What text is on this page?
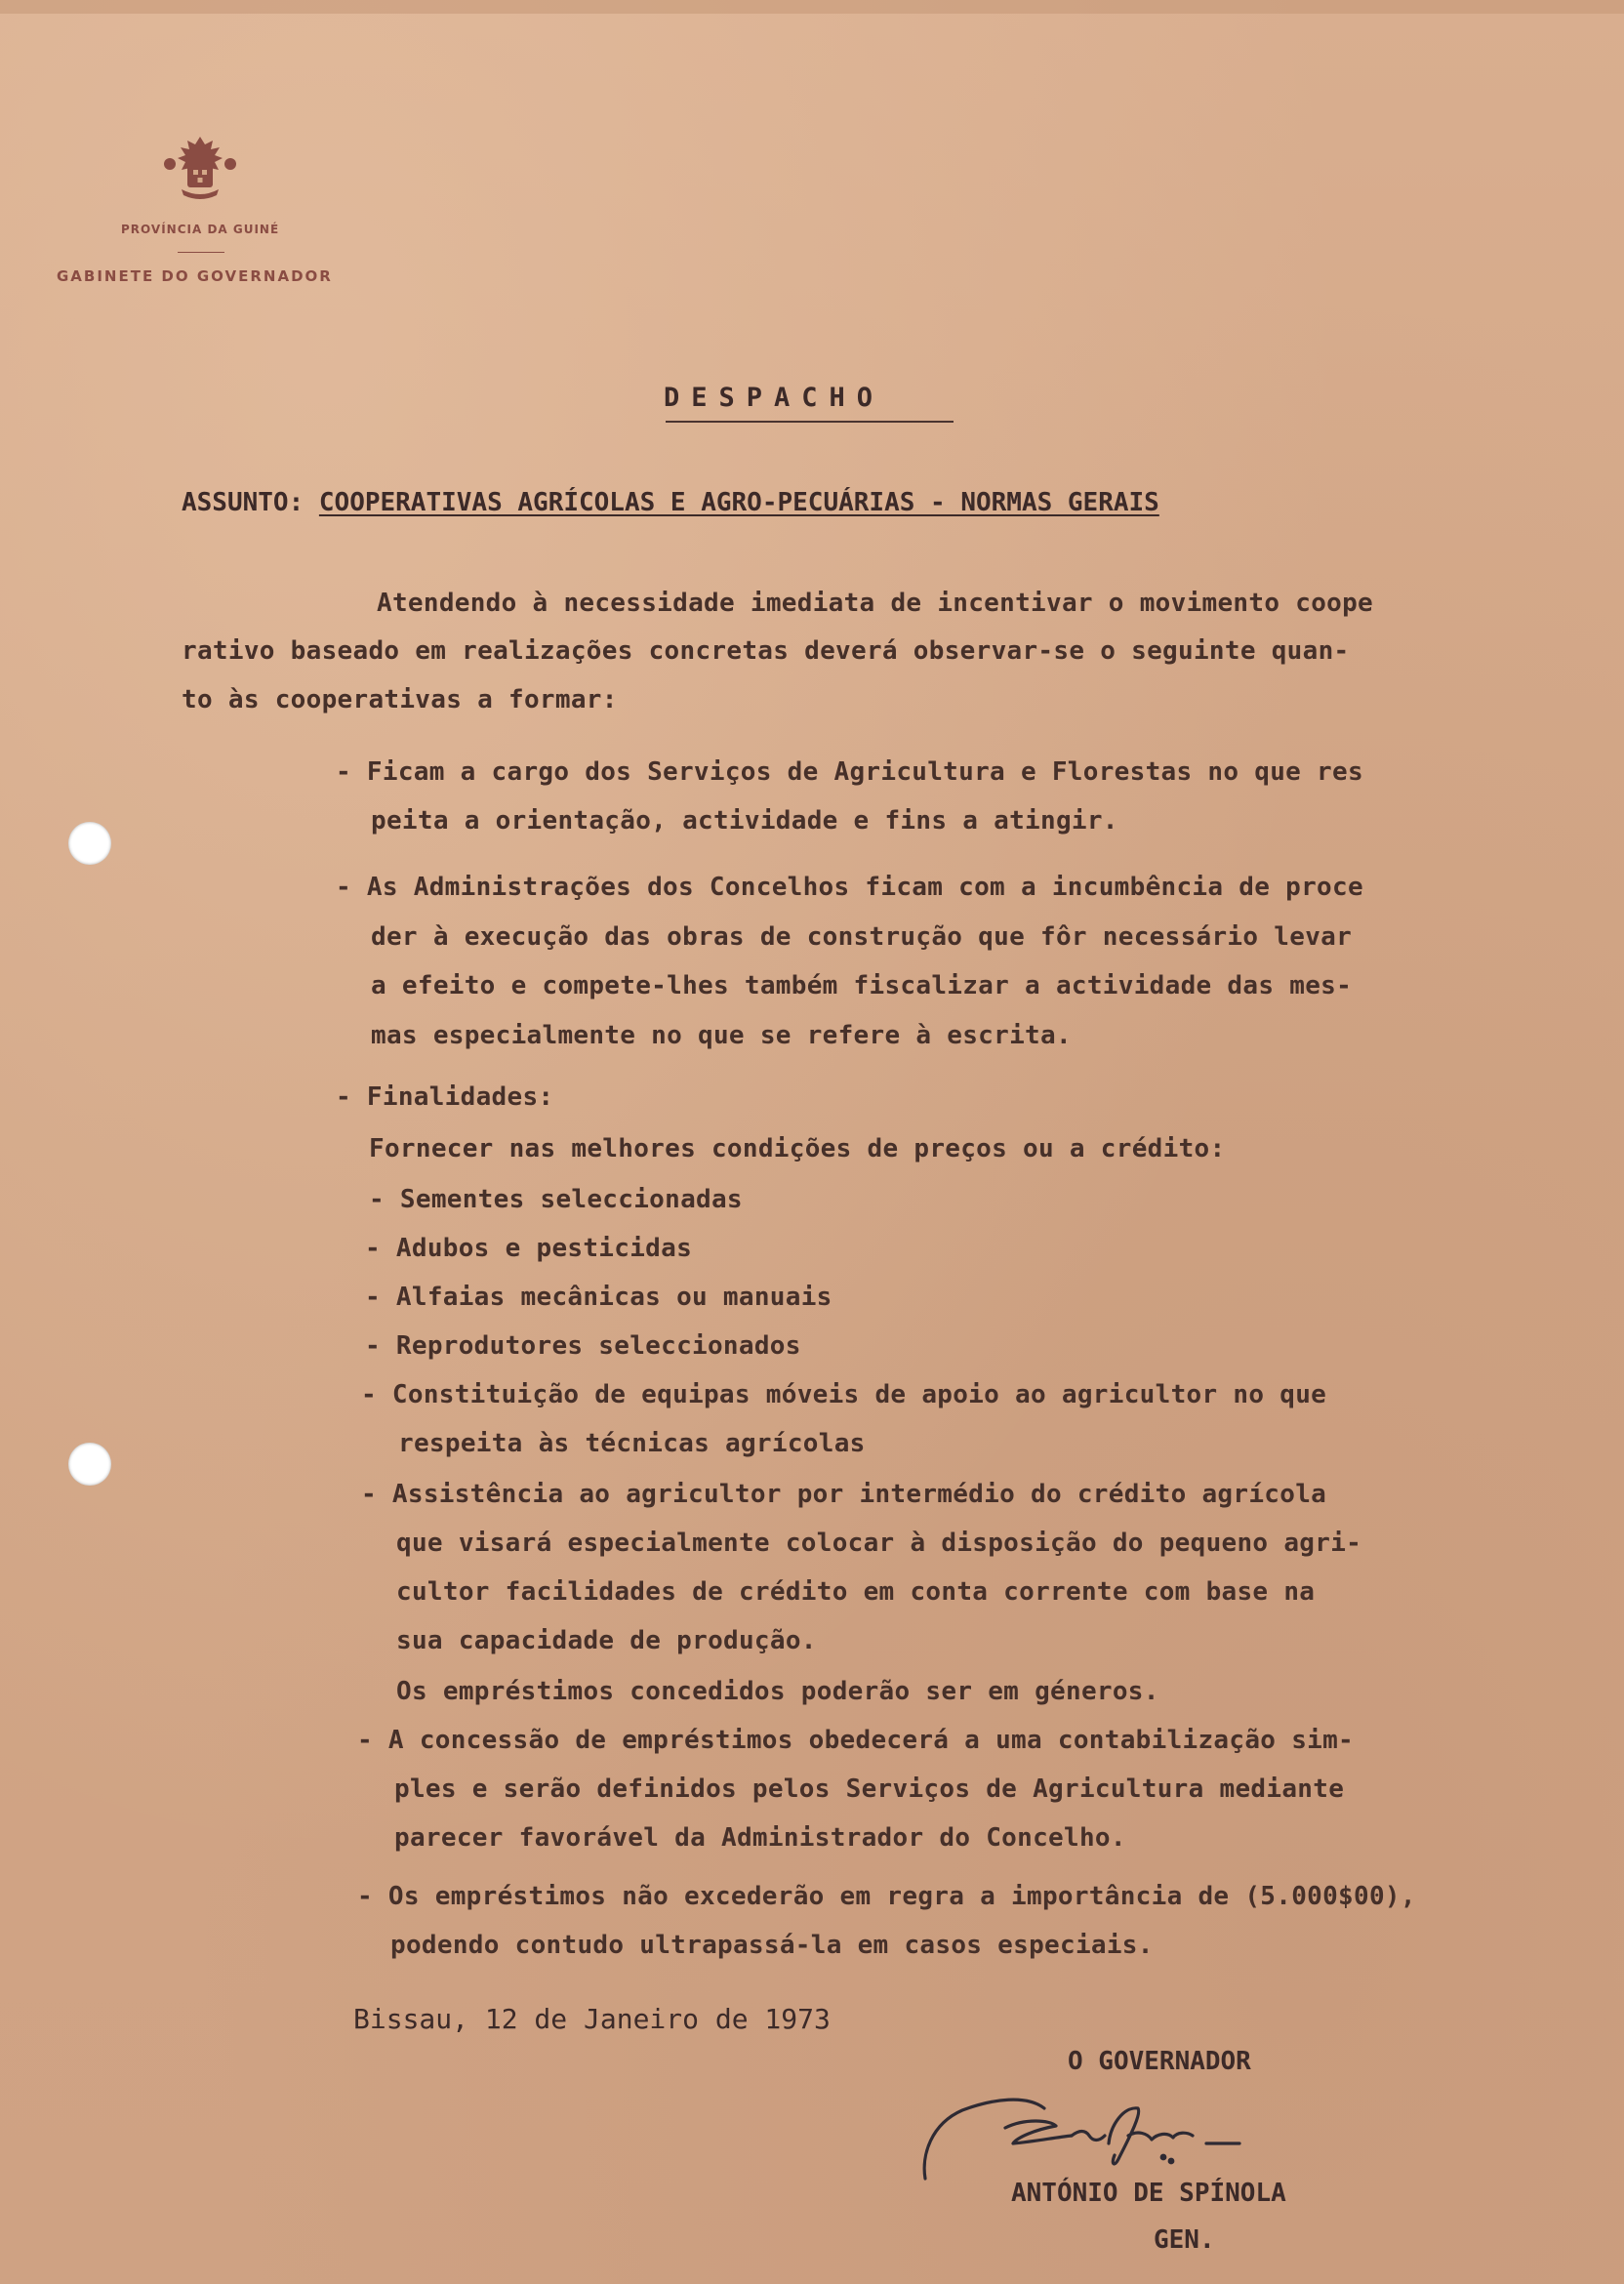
PROVÍNCIA DA GUINÉ
GABINETE DO GOVERNADOR
DESPACHO
ASSUNTO: COOPERATIVAS AGRÍCOLAS E AGRO-PECUÁRIAS - NORMAS GERAIS
Atendendo à necessidade imediata de incentivar o movimento coope
rativo baseado em realizações concretas deverá observar-se o seguinte quan-
to às cooperativas a formar:
- Ficam a cargo dos Serviços de Agricultura e Florestas no que res
peita a orientação, actividade e fins a atingir.
- As Administrações dos Concelhos ficam com a incumbência de proce
der à execução das obras de construção que fôr necessário levar
a efeito e compete-lhes também fiscalizar a actividade das mes-
mas especialmente no que se refere à escrita.
- Finalidades:
Fornecer nas melhores condições de preços ou a crédito:
- Sementes seleccionadas
- Adubos e pesticidas
- Alfaias mecânicas ou manuais
- Reprodutores seleccionados
- Constituição de equipas móveis de apoio ao agricultor no que
respeita às técnicas agrícolas
- Assistência ao agricultor por intermédio do crédito agrícola
que visará especialmente colocar à disposição do pequeno agri-
cultor facilidades de crédito em conta corrente com base na
sua capacidade de produção.
Os empréstimos concedidos poderão ser em géneros.
- A concessão de empréstimos obedecerá a uma contabilização sim-
ples e serão definidos pelos Serviços de Agricultura mediante
parecer favorável da Administrador do Concelho.
- Os empréstimos não excederão em regra a importância de (5.000$00),
podendo contudo ultrapassá-la em casos especiais.
Bissau, 12 de Janeiro de 1973
O GOVERNADOR
ANTÓNIO DE SPÍNOLA
GEN.
